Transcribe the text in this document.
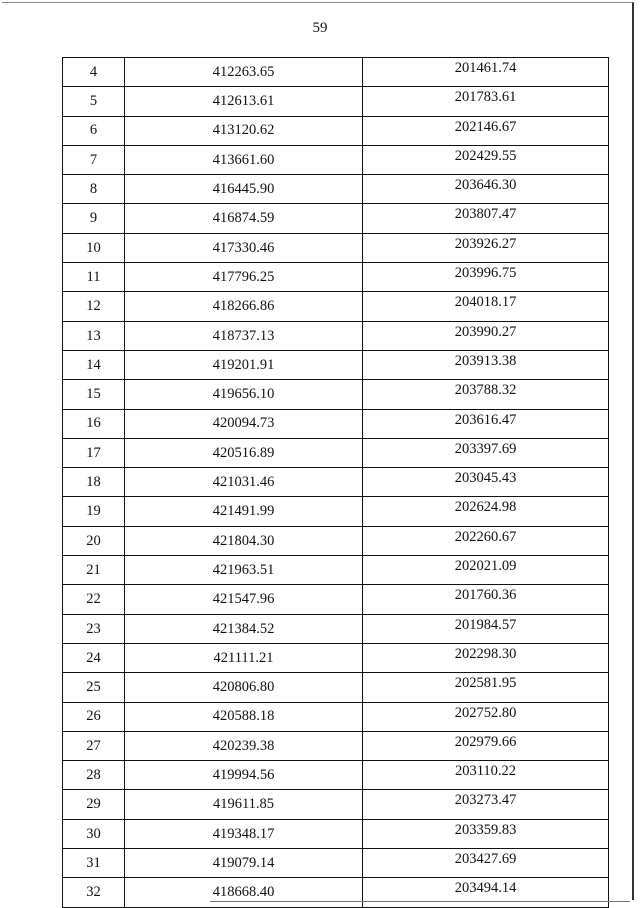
59
4	412263.65	201461.74
5	412613.61	201783.61
6	413120.62	202146.67
7	413661.60	202429.55
8	416445.90	203646.30
9	416874.59	203807.47
10	417330.46	203926.27
11	417796.25	203996.75
12	418266.86	204018.17
13	418737.13	203990.27
14	419201.91	203913.38
15	419656.10	203788.32
16	420094.73	203616.47
17	420516.89	203397.69
18	421031.46	203045.43
19	421491.99	202624.98
20	421804.30	202260.67
21	421963.51	202021.09
22	421547.96	201760.36
23	421384.52	201984.57
24	421111.21	202298.30
25	420806.80	202581.95
26	420588.18	202752.80
27	420239.38	202979.66
28	419994.56	203110.22
29	419611.85	203273.47
30	419348.17	203359.83
31	419079.14	203427.69
32	418668.40	203494.14
